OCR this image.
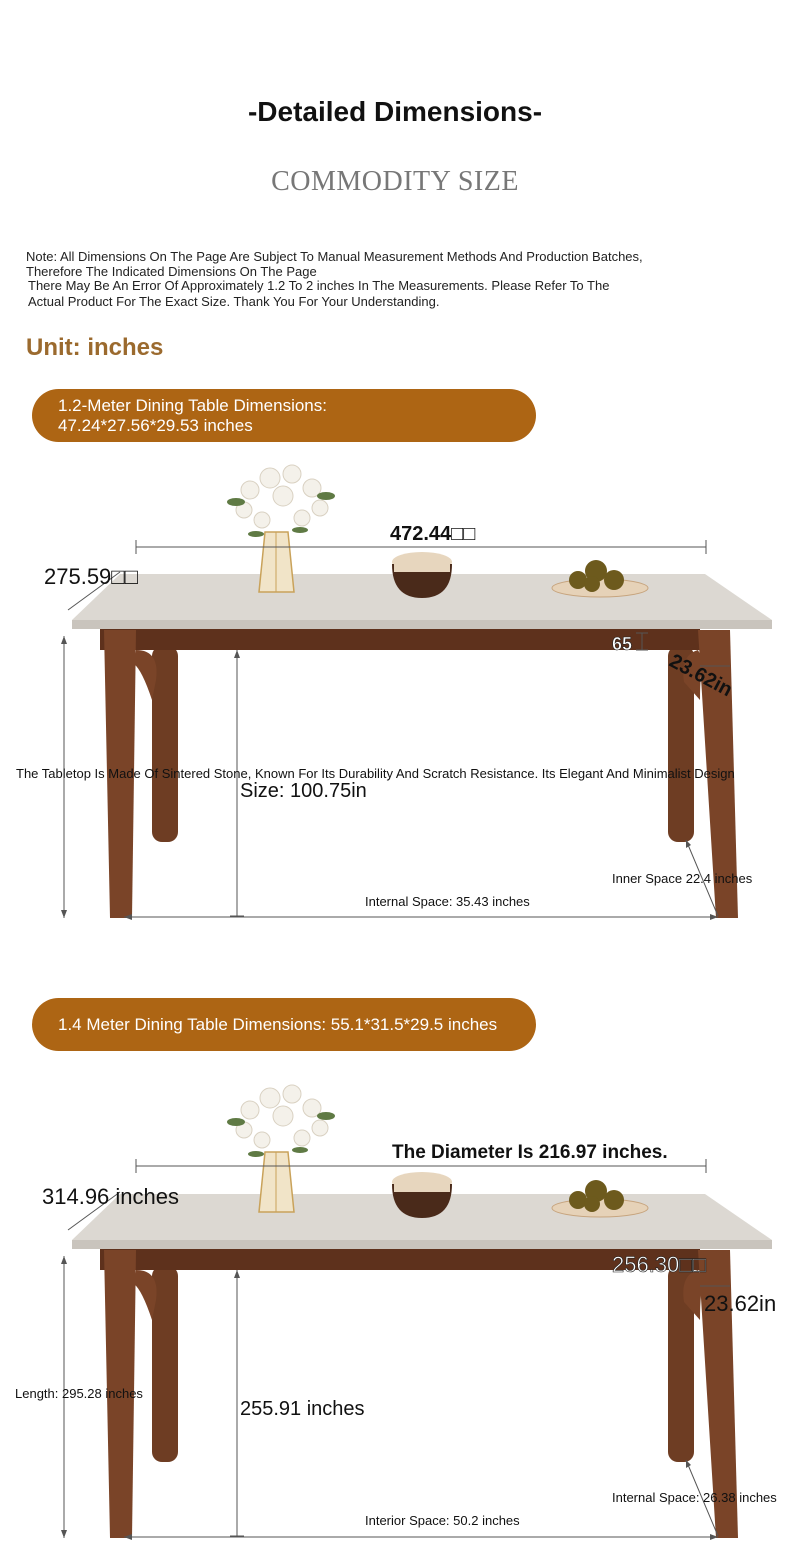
-Detailed Dimensions-
COMMODITY SIZE
Note: All Dimensions On The Page Are Subject To Manual Measurement Methods And Production Batches,
Therefore The Indicated Dimensions On The Page
There May Be An Error Of Approximately 1.2 To 2 inches In The Measurements. Please Refer To The
Actual Product For The Exact Size. Thank You For Your Understanding.
Unit: inches
1.2-Meter Dining Table Dimensions:
47.24*27.56*29.53 inches
472.44□□
275.59□□
65
23.62in
The Tabletop Is Made Of Sintered Stone, Known For Its Durability And Scratch Resistance. Its Elegant And Minimalist Design
Size: 100.75in
Inner Space 22.4 inches
Internal Space: 35.43 inches
1.4 Meter Dining Table Dimensions: 55.1*31.5*29.5 inches
The Diameter Is 216.97 inches.
314.96 inches
256.30□□
23.62in
Length: 295.28 inches
255.91 inches
Internal Space: 26.38 inches
Interior Space: 50.2 inches
